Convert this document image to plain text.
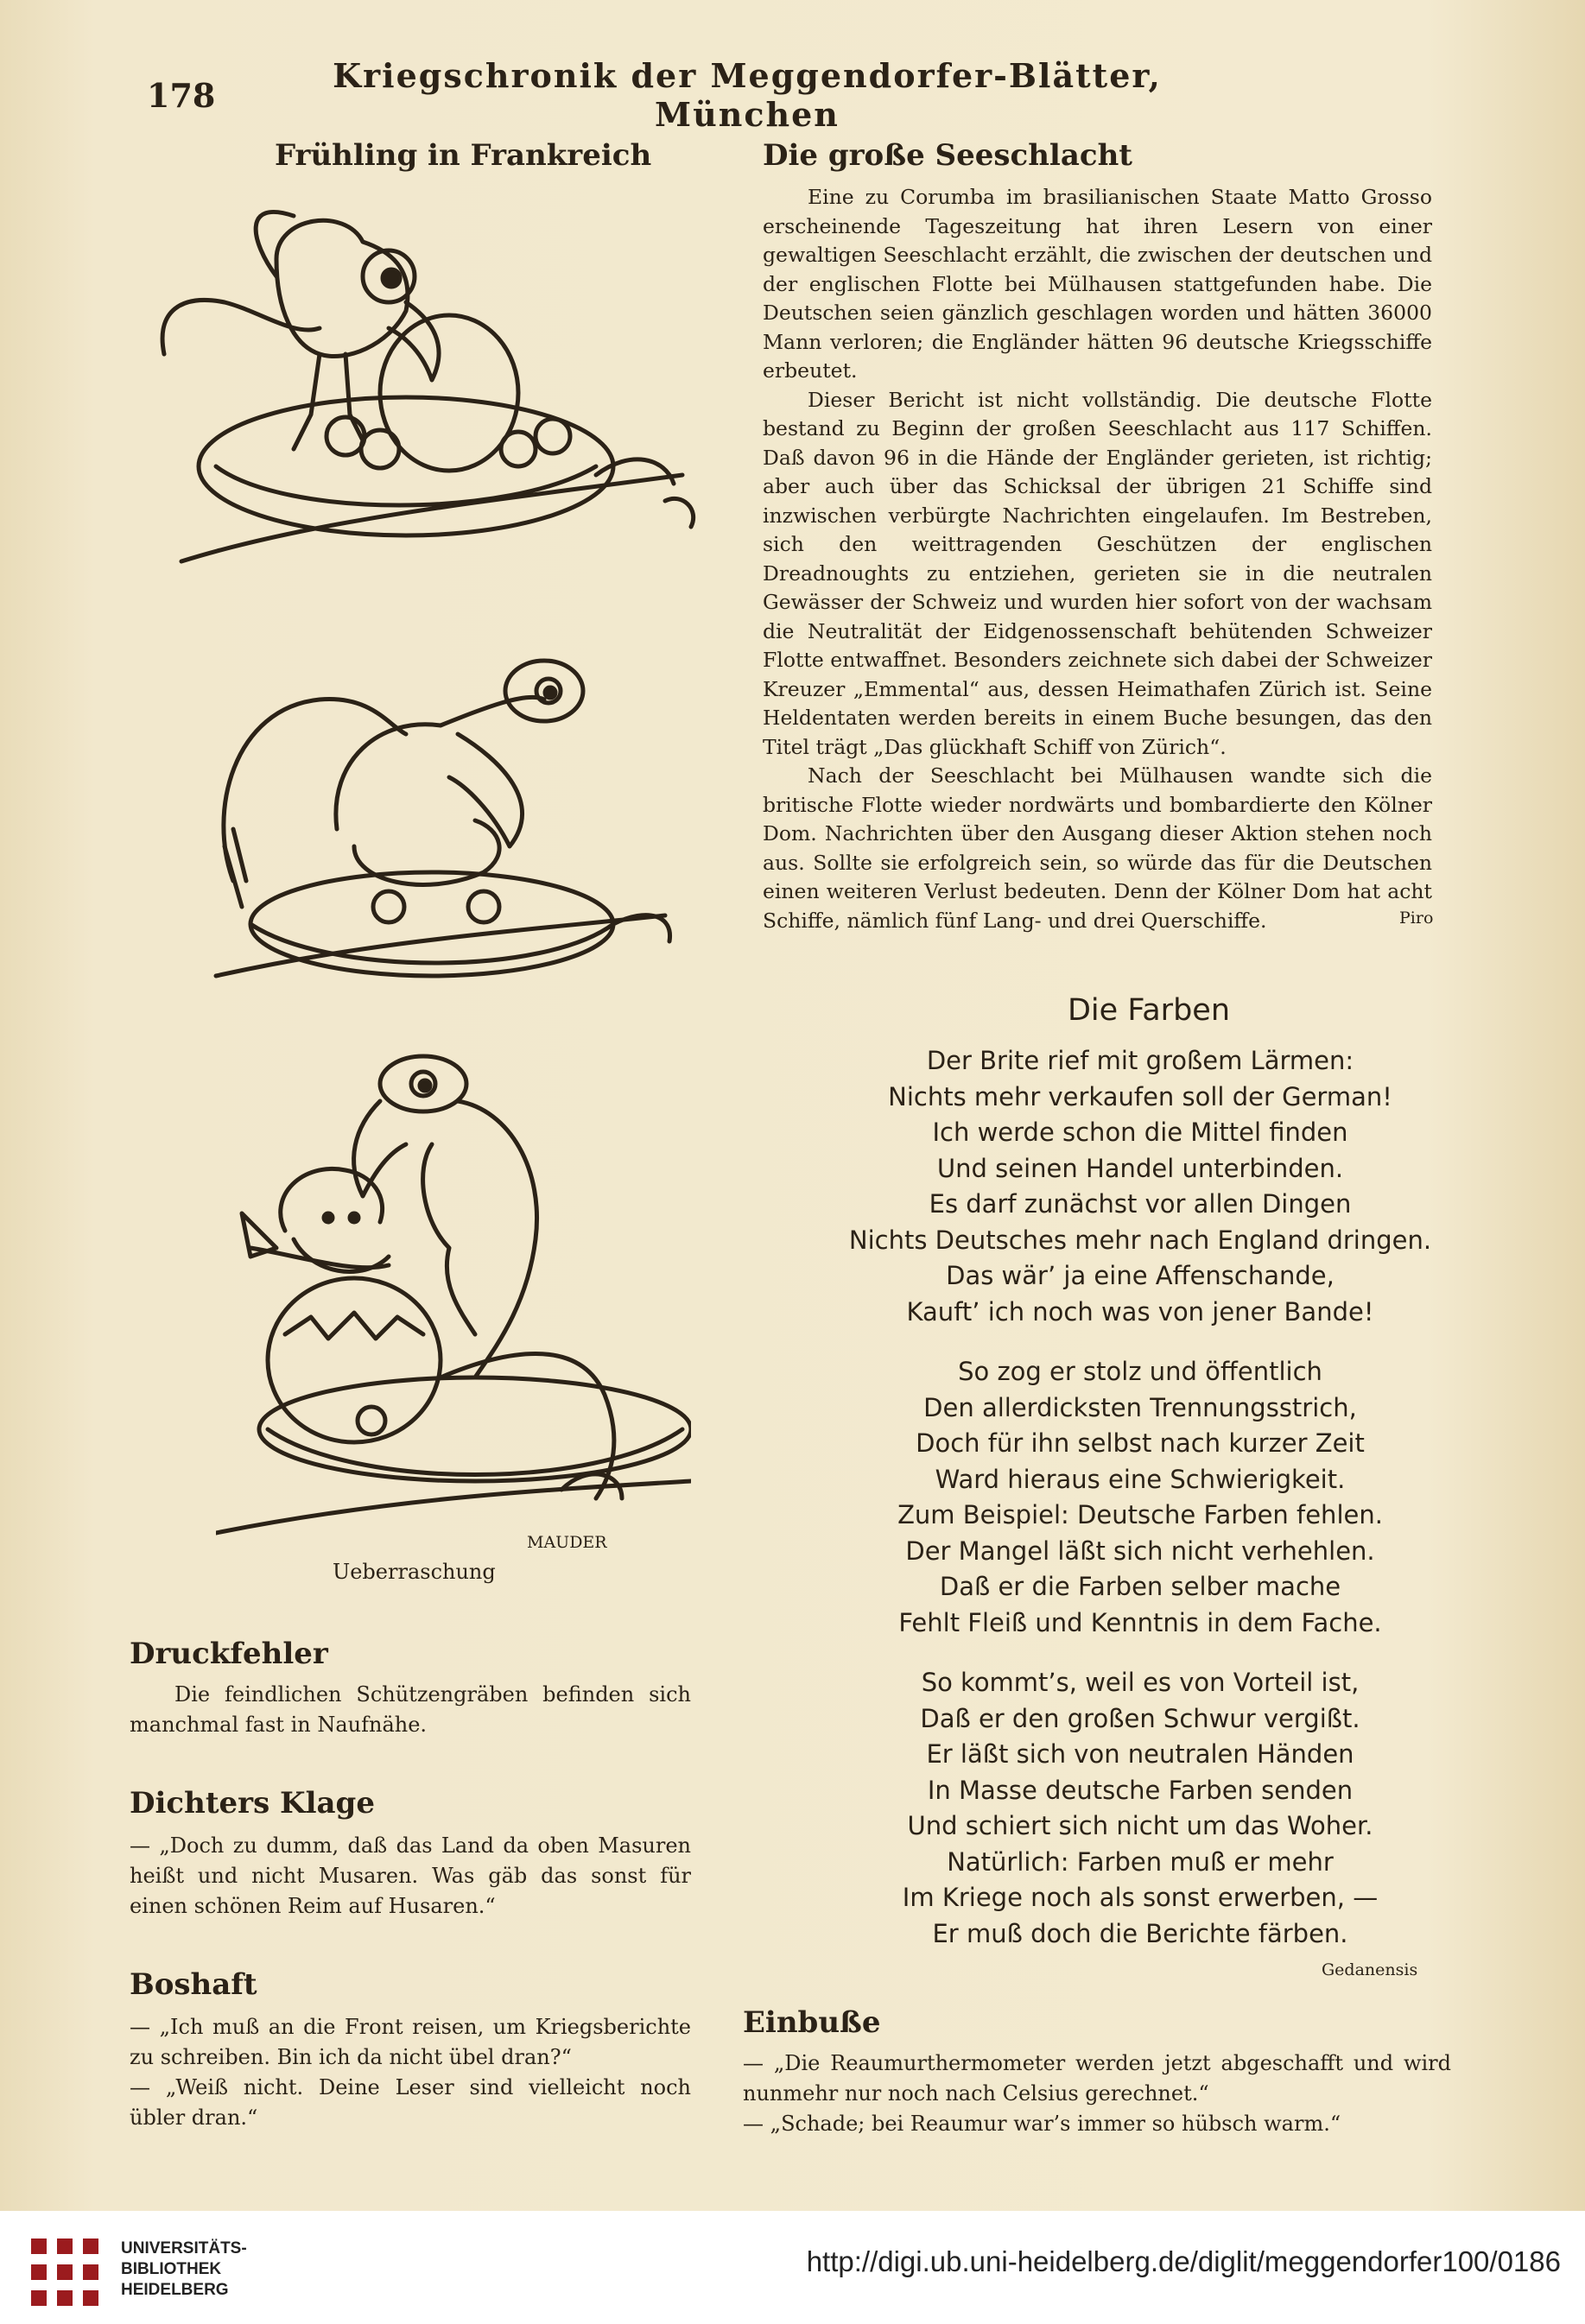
178	Kriegschronik der Meggendorfer-Blätter, München
Frühling in Frankreich
MAUDER
Ueberraschung
Druckfehler

Die feindlichen Schützengräben befinden sich manchmal fast in Naufnähe.

Dichters Klage

— „Doch zu dumm, daß das Land da oben Masuren heißt und nicht Musaren. Was gäb das sonst für einen schönen Reim auf Husaren.“

Boshaft

— „Ich muß an die Front reisen, um Kriegsberichte zu schreiben. Bin ich da nicht übel dran?“

— „Weiß nicht. Deine Leser sind vielleicht noch übler dran.“

Die große Seeschlacht

Eine zu Corumba im brasilianischen Staate Matto Grosso erscheinende Tageszeitung hat ihren Lesern von einer gewaltigen Seeschlacht erzählt, die zwischen der deutschen und der englischen Flotte bei Mülhausen stattgefunden habe. Die Deutschen seien gänzlich geschlagen worden und hätten 36000 Mann verloren; die Engländer hätten 96 deutsche Kriegsschiffe erbeutet.

Dieser Bericht ist nicht vollständig. Die deutsche Flotte bestand zu Beginn der großen Seeschlacht aus 117 Schiffen. Daß davon 96 in die Hände der Engländer gerieten, ist richtig; aber auch über das Schicksal der übrigen 21 Schiffe sind inzwischen verbürgte Nachrichten eingelaufen. Im Bestreben, sich den weittragenden Geschützen der englischen Dreadnoughts zu entziehen, gerieten sie in die neutralen Gewässer der Schweiz und wurden hier sofort von der wachsam die Neutralität der Eidgenossenschaft behütenden Schweizer Flotte entwaffnet. Besonders zeichnete sich dabei der Schweizer Kreuzer „Emmental“ aus, dessen Heimathafen Zürich ist. Seine Heldentaten werden bereits in einem Buche besungen, das den Titel trägt „Das glückhaft Schiff von Zürich“.

Nach der Seeschlacht bei Mülhausen wandte sich die britische Flotte wieder nordwärts und bombardierte den Kölner Dom. Nachrichten über den Ausgang dieser Aktion stehen noch aus. Sollte sie erfolgreich sein, so würde das für die Deutschen einen weiteren Verlust bedeuten. Denn der Kölner Dom hat acht Schiffe, nämlich fünf Lang- und drei Querschiffe.	Piro
Die Farben
Der Brite rief mit großem Lärmen:
Nichts mehr verkaufen soll der German!
Ich werde schon die Mittel finden
Und seinen Handel unterbinden.
Es darf zunächst vor allen Dingen
Nichts Deutsches mehr nach England dringen.
Das wär’ ja eine Affenschande,
Kauft’ ich noch was von jener Bande!
So zog er stolz und öffentlich
Den allerdicksten Trennungsstrich,
Doch für ihn selbst nach kurzer Zeit
Ward hieraus eine Schwierigkeit.
Zum Beispiel: Deutsche Farben fehlen.
Der Mangel läßt sich nicht verhehlen.
Daß er die Farben selber mache
Fehlt Fleiß und Kenntnis in dem Fache.
So kommt’s, weil es von Vorteil ist,
Daß er den großen Schwur vergißt.
Er läßt sich von neutralen Händen
In Masse deutsche Farben senden
Und schiert sich nicht um das Woher.
Natürlich: Farben muß er mehr
Im Kriege noch als sonst erwerben, —
Er muß doch die Berichte färben.
Gedanensis
Einbuße

— „Die Reaumurthermometer werden jetzt abgeschafft und wird nunmehr nur noch nach Celsius gerechnet.“

— „Schade; bei Reaumur war’s immer so hübsch warm.“

UNIVERSITÄTS-
BIBLIOTHEK
HEIDELBERG
http://digi.ub.uni-heidelberg.de/diglit/meggendorfer100/0186
